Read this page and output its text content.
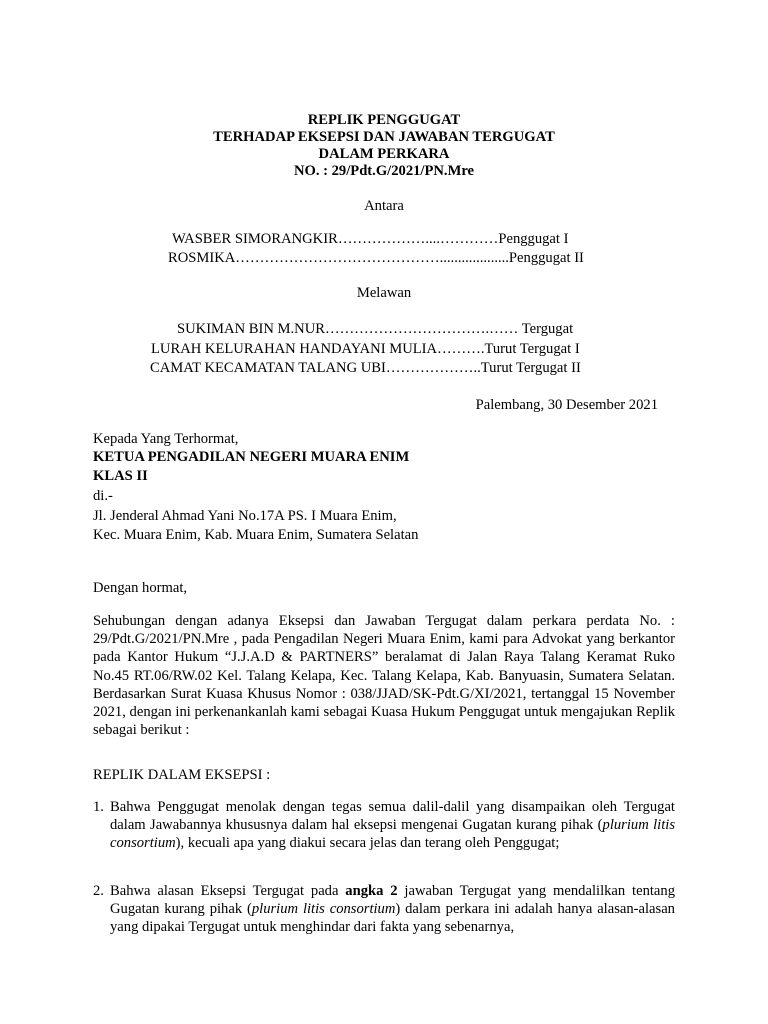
REPLIK PENGGUGAT
TERHADAP EKSEPSI DAN JAWABAN TERGUGAT
DALAM PERKARA
NO. : 29/Pdt.G/2021/PN.Mre
Antara
WASBER SIMORANGKIR………………....…………Penggugat I
ROSMIKA……………………………………...................Penggugat II
Melawan
SUKIMAN BIN M.NUR…………………………….…… Tergugat
LURAH KELURAHAN HANDAYANI MULIA……….Turut Tergugat I
CAMAT KECAMATAN TALANG UBI………………..Turut Tergugat II
Palembang, 30 Desember 2021
Kepada Yang Terhormat,
KETUA PENGADILAN NEGERI MUARA ENIM
KLAS II
di.-
Jl. Jenderal Ahmad Yani No.17A PS. I Muara Enim,
Kec. Muara Enim, Kab. Muara Enim, Sumatera Selatan
Dengan hormat,
Sehubungan dengan adanya Eksepsi dan Jawaban Tergugat dalam perkara perdata No. : 29/Pdt.G/2021/PN.Mre , pada Pengadilan Negeri Muara Enim, kami para Advokat yang berkantor pada Kantor Hukum “J.J.A.D & PARTNERS” beralamat di Jalan Raya Talang Keramat Ruko No.45 RT.06/RW.02 Kel. Talang Kelapa, Kec. Talang Kelapa, Kab. Banyuasin, Sumatera Selatan. Berdasarkan Surat Kuasa Khusus Nomor : 038/JJAD/SK-Pdt.G/XI/2021, tertanggal 15 November 2021, dengan ini perkenankanlah kami sebagai Kuasa Hukum Penggugat untuk mengajukan Replik sebagai berikut :
REPLIK DALAM EKSEPSI :
1. Bahwa Penggugat menolak dengan tegas semua dalil-dalil yang disampaikan oleh Tergugat dalam Jawabannya khususnya dalam hal eksepsi mengenai Gugatan kurang pihak (plurium litis consortium), kecuali apa yang diakui secara jelas dan terang oleh Penggugat;
2. Bahwa alasan Eksepsi Tergugat pada angka 2 jawaban Tergugat yang mendalilkan tentang Gugatan kurang pihak (plurium litis consortium) dalam perkara ini adalah hanya alasan-alasan yang dipakai Tergugat untuk menghindar dari fakta yang sebenarnya,
